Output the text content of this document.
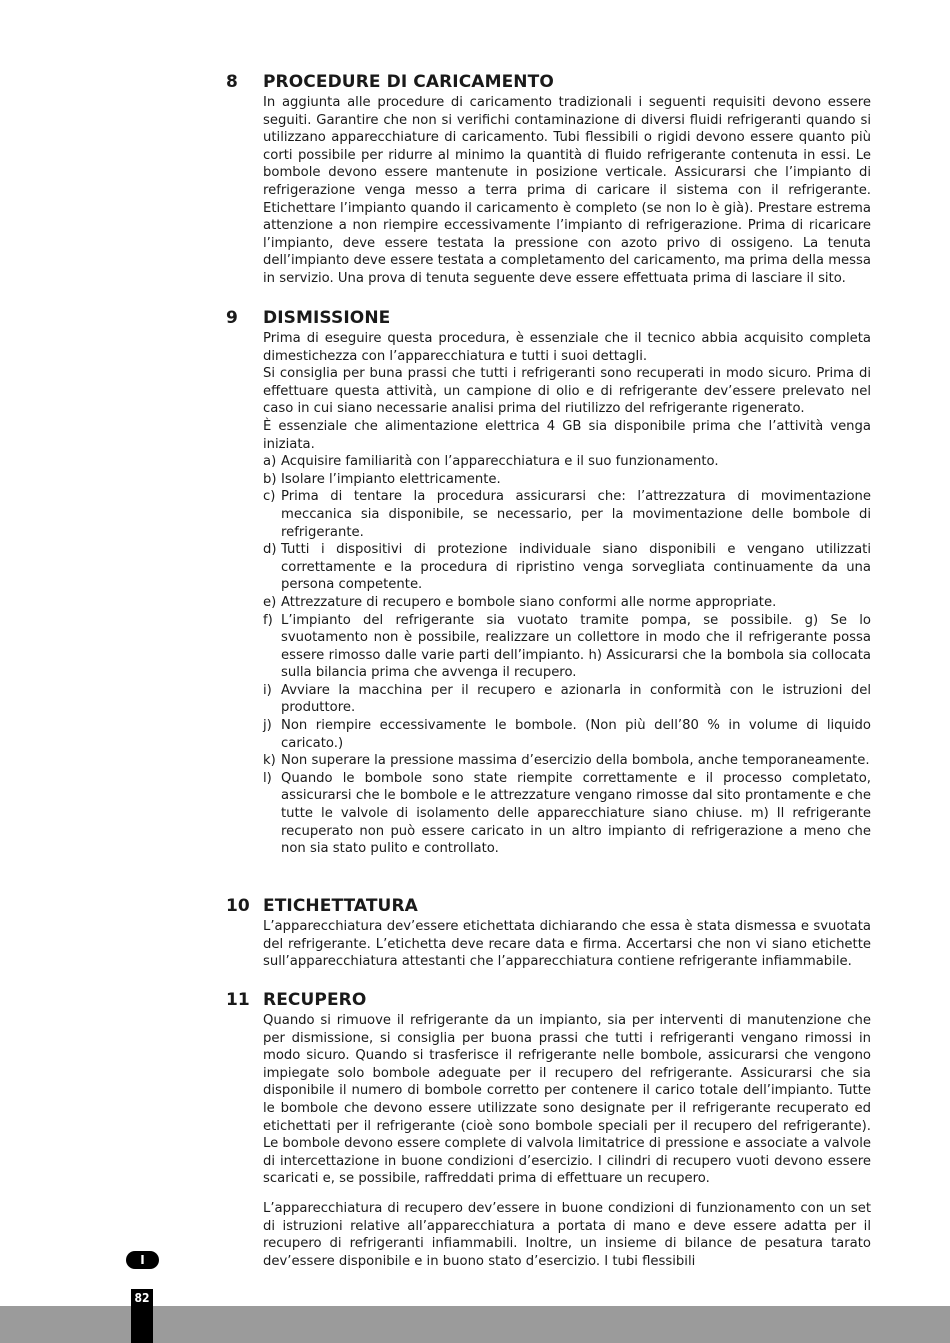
8	PROCEDURE DI CARICAMENTO

In aggiunta alle procedure di caricamento tradizionali i seguenti requisiti devono essere seguiti. Garantire che non si verifichi contaminazione di diversi fluidi refrigeranti quando si utilizzano apparecchiature di caricamento. Tubi flessibili o rigidi devono essere quanto più corti possibile per ridurre al minimo la quantità di fluido refrigerante contenuta in essi. Le bombole devono essere mantenute in posizione verticale. Assicurarsi che l’impianto di refrigerazione venga messo a terra prima di caricare il sistema con il refrigerante. Etichettare l’impianto quando il caricamento è completo (se non lo è già). Prestare estrema attenzione a non riempire eccessivamente l’impianto di refrigerazione. Prima di ricaricare l’impianto, deve essere testata la pressione con azoto privo di ossigeno. La tenuta dell’impianto deve essere testata a completamento del caricamento, ma prima della messa in servizio. Una prova di tenuta seguente deve essere effettuata prima di lasciare il sito.

9	DISMISSIONE

Prima di eseguire questa procedura, è essenziale che il tecnico abbia acquisito completa dimestichezza con l’apparecchiatura e tutti i suoi dettagli.

Si consiglia per buna prassi che tutti i refrigeranti sono recuperati in modo sicuro. Prima di effettuare questa attività, un campione di olio e di refrigerante dev’essere prelevato nel caso in cui siano necessarie analisi prima del riutilizzo del refrigerante rigenerato.

È essenziale che alimentazione elettrica 4 GB sia disponibile prima che l’attività venga iniziata.

a) Acquisire familiarità con l’apparecchiatura e il suo funzionamento.
b) Isolare l’impianto elettricamente.
c) Prima di tentare la procedura assicurarsi che: l’attrezzatura di movimentazione meccanica sia disponibile, se necessario, per la movimentazione delle bombole di refrigerante.
d) Tutti i dispositivi di protezione individuale siano disponibili e vengano utilizzati correttamente e la procedura di ripristino venga sorvegliata continuamente da una persona competente.
e) Attrezzature di recupero e bombole siano conformi alle norme appropriate.
f) L’impianto del refrigerante sia vuotato tramite pompa, se possibile. g) Se lo svuotamento non è possibile, realizzare un collettore in modo che il refrigerante possa essere rimosso dalle varie parti dell’impianto. h) Assicurarsi che la bombola sia collocata sulla bilancia prima che avvenga il recupero.
i) Avviare la macchina per il recupero e azionarla in conformità con le istruzioni del produttore.
j) Non riempire eccessivamente le bombole. (Non più dell’80 % in volume di liquido caricato.)
k) Non superare la pressione massima d’esercizio della bombola, anche temporaneamente.
l) Quando le bombole sono state riempite correttamente e il processo completato, assicurarsi che le bombole e le attrezzature vengano rimosse dal sito prontamente e che tutte le valvole di isolamento delle apparecchiature siano chiuse. m) Il refrigerante recuperato non può essere caricato in un altro impianto di refrigerazione a meno che non sia stato pulito e controllato.
10 ETICHETTATURA

L’apparecchiatura dev’essere etichettata dichiarando che essa è stata dismessa e svuotata del refrigerante. L’etichetta deve recare data e firma. Accertarsi che non vi siano etichette sull’apparecchiatura attestanti che l’apparecchiatura contiene refrigerante infiammabile.

11 RECUPERO

Quando si rimuove il refrigerante da un impianto, sia per interventi di manutenzione che per dismissione, si consiglia per buona prassi che tutti i refrigeranti vengano rimossi in modo sicuro. Quando si trasferisce il refrigerante nelle bombole, assicurarsi che vengono impiegate solo bombole adeguate per il recupero del refrigerante. Assicurarsi che sia disponibile il numero di bombole corretto per contenere il carico totale dell’impianto. Tutte le bombole che devono essere utilizzate sono designate per il refrigerante recuperato ed etichettati per il refrigerante (cioè sono bombole speciali per il recupero del refrigerante). Le bombole devono essere complete di valvola limitatrice di pressione e associate a valvole di intercettazione in buone condizioni d’esercizio. I cilindri di recupero vuoti devono essere scaricati e, se possibile, raffreddati prima di effettuare un recupero.

L’apparecchiatura di recupero dev’essere in buone condizioni di funzionamento con un set di istruzioni relative all’apparecchiatura a portata di mano e deve essere adatta per il recupero di refrigeranti infiammabili. Inoltre, un insieme di bilance de pesatura tarato dev’essere disponibile e in buono stato d’esercizio. I tubi flessibili

I
82
